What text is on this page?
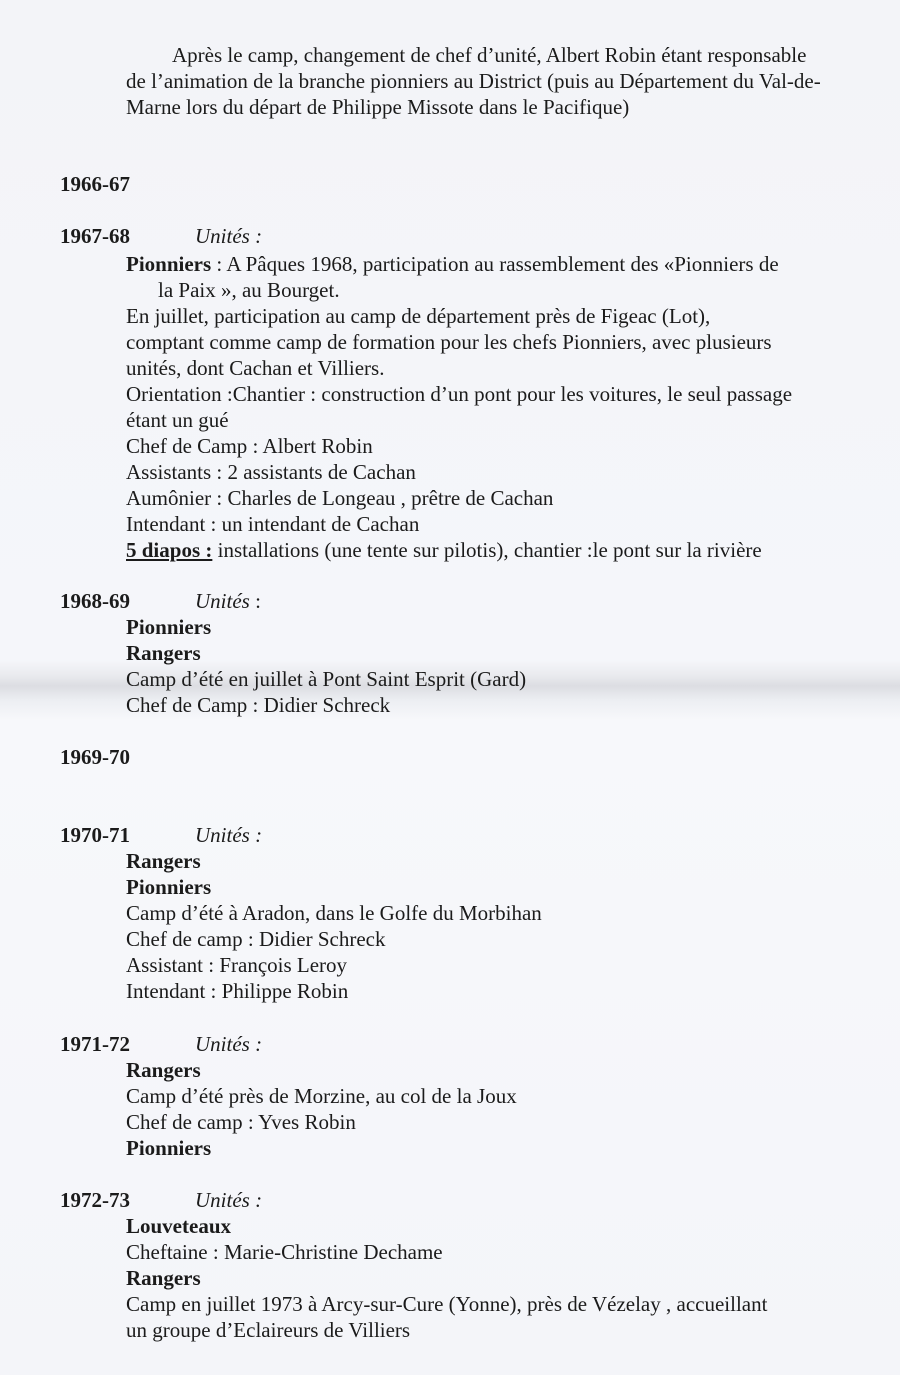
Après le camp, changement de chef d’unité, Albert Robin étant responsable de l’animation de la branche pionniers au District (puis au Département du Val-de-Marne lors du départ de Philippe Missote dans le Pacifique)
1966-67
1967-68	Unités :
Pionniers : A Pâques 1968, participation au rassemblement des «Pionniers de
la Paix », au Bourget.
En juillet, participation au camp de département près de Figeac (Lot),
comptant comme camp de formation pour les chefs Pionniers, avec plusieurs
unités, dont Cachan et Villiers.
Orientation :Chantier : construction d’un pont pour les voitures, le seul passage
étant un gué
Chef de Camp : Albert Robin
Assistants : 2 assistants de Cachan
Aumônier : Charles de Longeau , prêtre de Cachan
Intendant : un intendant de Cachan
5 diapos : installations (une tente sur pilotis), chantier :le pont sur la rivière
1968-69	Unités :
Pionniers
Rangers
Camp d’été en juillet à Pont Saint Esprit (Gard)
Chef de Camp : Didier Schreck
1969-70
1970-71	Unités :
Rangers
Pionniers
Camp d’été à Aradon, dans le Golfe du Morbihan
Chef de camp : Didier Schreck
Assistant : François Leroy
Intendant : Philippe Robin
1971-72	Unités :
Rangers
Camp d’été près de Morzine, au col de la Joux
Chef de camp : Yves Robin
Pionniers
1972-73	Unités :
Louveteaux
Cheftaine : Marie-Christine Dechame
Rangers
Camp en juillet 1973 à Arcy-sur-Cure (Yonne), près de Vézelay , accueillant
un groupe d’Eclaireurs de Villiers
